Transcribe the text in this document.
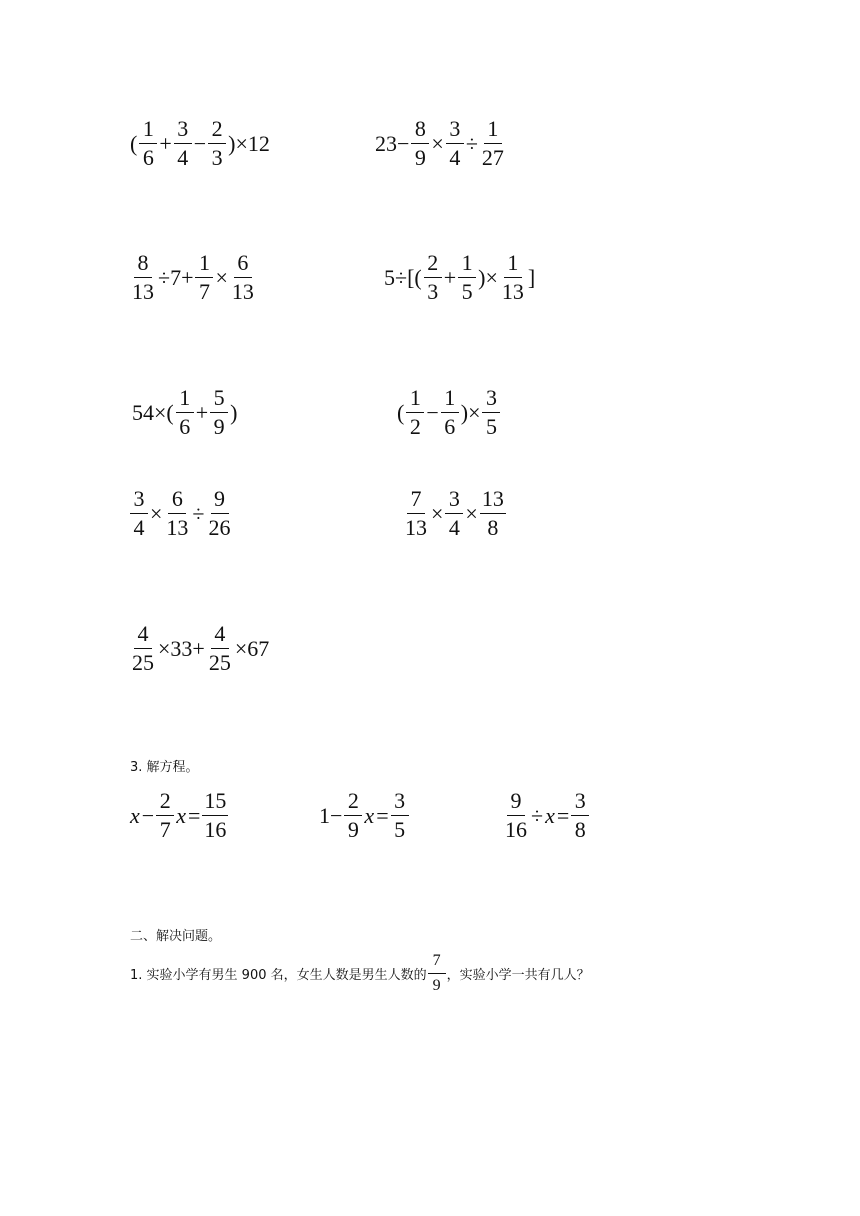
( $\frac{1}{6} + \frac{3}{4} - \frac{2}{3} )\times 12$	$23- \frac{8}{9} \times \frac{3}{4} \div \frac{1}{27}$
$\frac{8}{13} \div 7+ \frac{1}{7} \times \frac{6}{13}$	$5\div[( \frac{2}{3} + \frac{1}{5}$ )× $\frac{1}{13}$ ]
$54\times( \frac{1}{6} + \frac{5}{9}$ )	( $\frac{1}{2} - \frac{1}{6}$ )× $\frac{3}{5}$
$\frac{3}{4} \times \frac{6}{13} \div \frac{9}{26}$	$\frac{7}{13} \times \frac{3}{4} \times \frac{13}{8}$
$\frac{4}{25} \times 33+ \frac{4}{25} \times 67$
3. 解方程。
$x - \frac{2}{7}$ $x = \frac{15}{16}$	$1- \frac{2}{9}$ $x = \frac{3}{5}$	$\frac{9}{16} \div x = \frac{3}{8}$
二、解决问题。
1. 实验小学有男生 900 名，女生人数是男生人数的 $\frac{7}{9}$ ，实验小学一共有几人？
